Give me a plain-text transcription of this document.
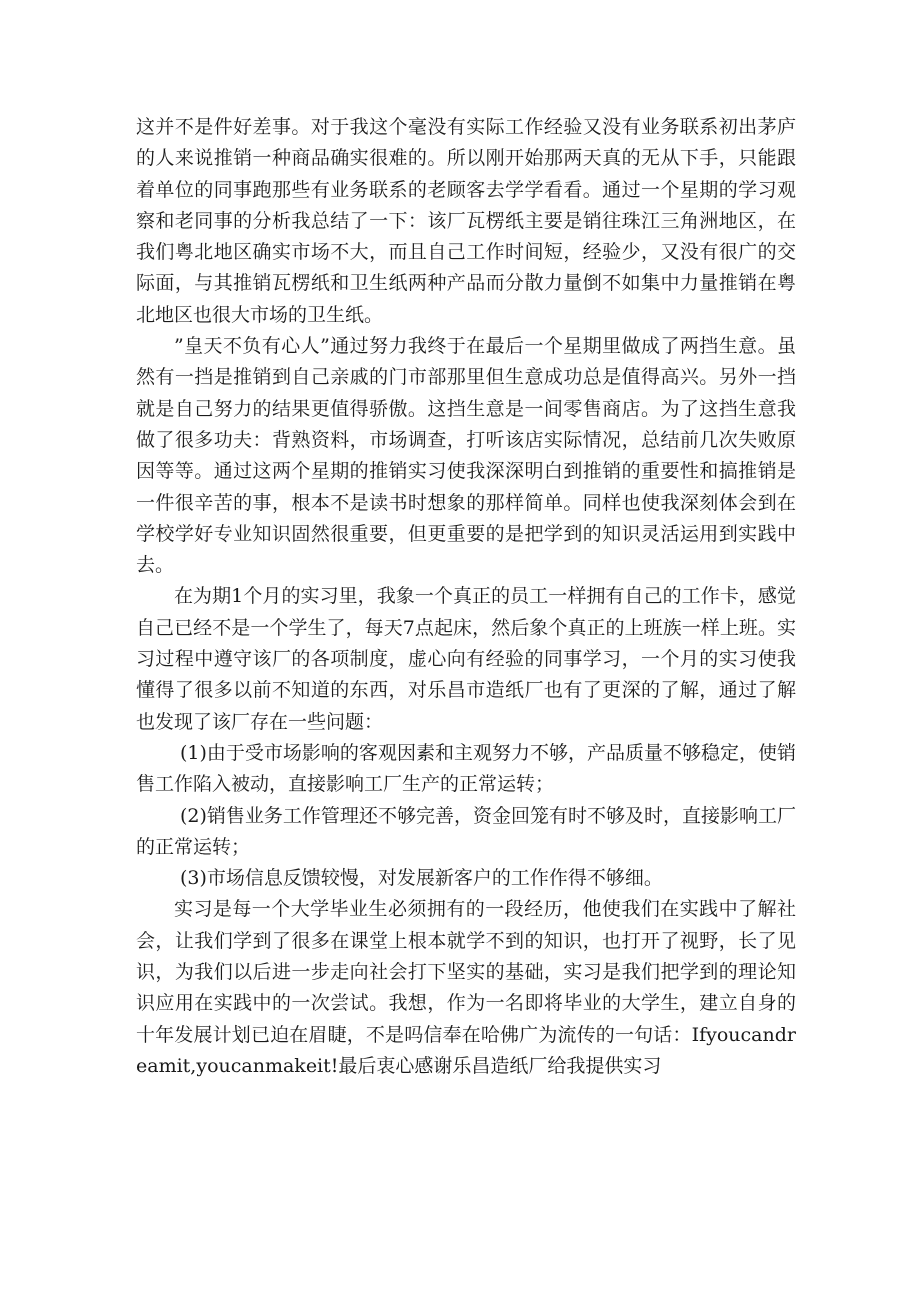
这并不是件好差事。对于我这个毫没有实际工作经验又没有业务联系初出茅庐的人来说推销一种商品确实很难的。所以刚开始那两天真的无从下手，只能跟着单位的同事跑那些有业务联系的老顾客去学学看看。通过一个星期的学习观察和老同事的分析我总结了一下：该厂瓦楞纸主要是销往珠江三角洲地区，在我们粤北地区确实市场不大，而且自己工作时间短，经验少，又没有很广的交际面，与其推销瓦楞纸和卫生纸两种产品而分散力量倒不如集中力量推销在粤北地区也很大市场的卫生纸。

”皇天不负有心人”通过努力我终于在最后一个星期里做成了两挡生意。虽然有一挡是推销到自己亲戚的门市部那里但生意成功总是值得高兴。另外一挡就是自己努力的结果更值得骄傲。这挡生意是一间零售商店。为了这挡生意我做了很多功夫：背熟资料，市场调查，打听该店实际情况，总结前几次失败原因等等。通过这两个星期的推销实习使我深深明白到推销的重要性和搞推销是一件很辛苦的事，根本不是读书时想象的那样简单。同样也使我深刻体会到在学校学好专业知识固然很重要，但更重要的是把学到的知识灵活运用到实践中去。

在为期1个月的实习里，我象一个真正的员工一样拥有自己的工作卡，感觉自己已经不是一个学生了，每天7点起床，然后象个真正的上班族一样上班。实习过程中遵守该厂的各项制度，虚心向有经验的同事学习，一个月的实习使我懂得了很多以前不知道的东西，对乐昌市造纸厂也有了更深的了解，通过了解也发现了该厂存在一些问题：

(1)由于受市场影响的客观因素和主观努力不够，产品质量不够稳定，使销售工作陷入被动，直接影响工厂生产的正常运转；

(2)销售业务工作管理还不够完善，资金回笼有时不够及时，直接影响工厂的正常运转；

(3)市场信息反馈较慢，对发展新客户的工作作得不够细。

实习是每一个大学毕业生必须拥有的一段经历，他使我们在实践中了解社会，让我们学到了很多在课堂上根本就学不到的知识，也打开了视野，长了见识，为我们以后进一步走向社会打下坚实的基础，实习是我们把学到的理论知识应用在实践中的一次尝试。我想，作为一名即将毕业的大学生，建立自身的十年发展计划已迫在眉睫，不是吗信奉在哈佛广为流传的一句话：Ifyoucandreamit,youcanmakeit!最后衷心感谢乐昌造纸厂给我提供实习
